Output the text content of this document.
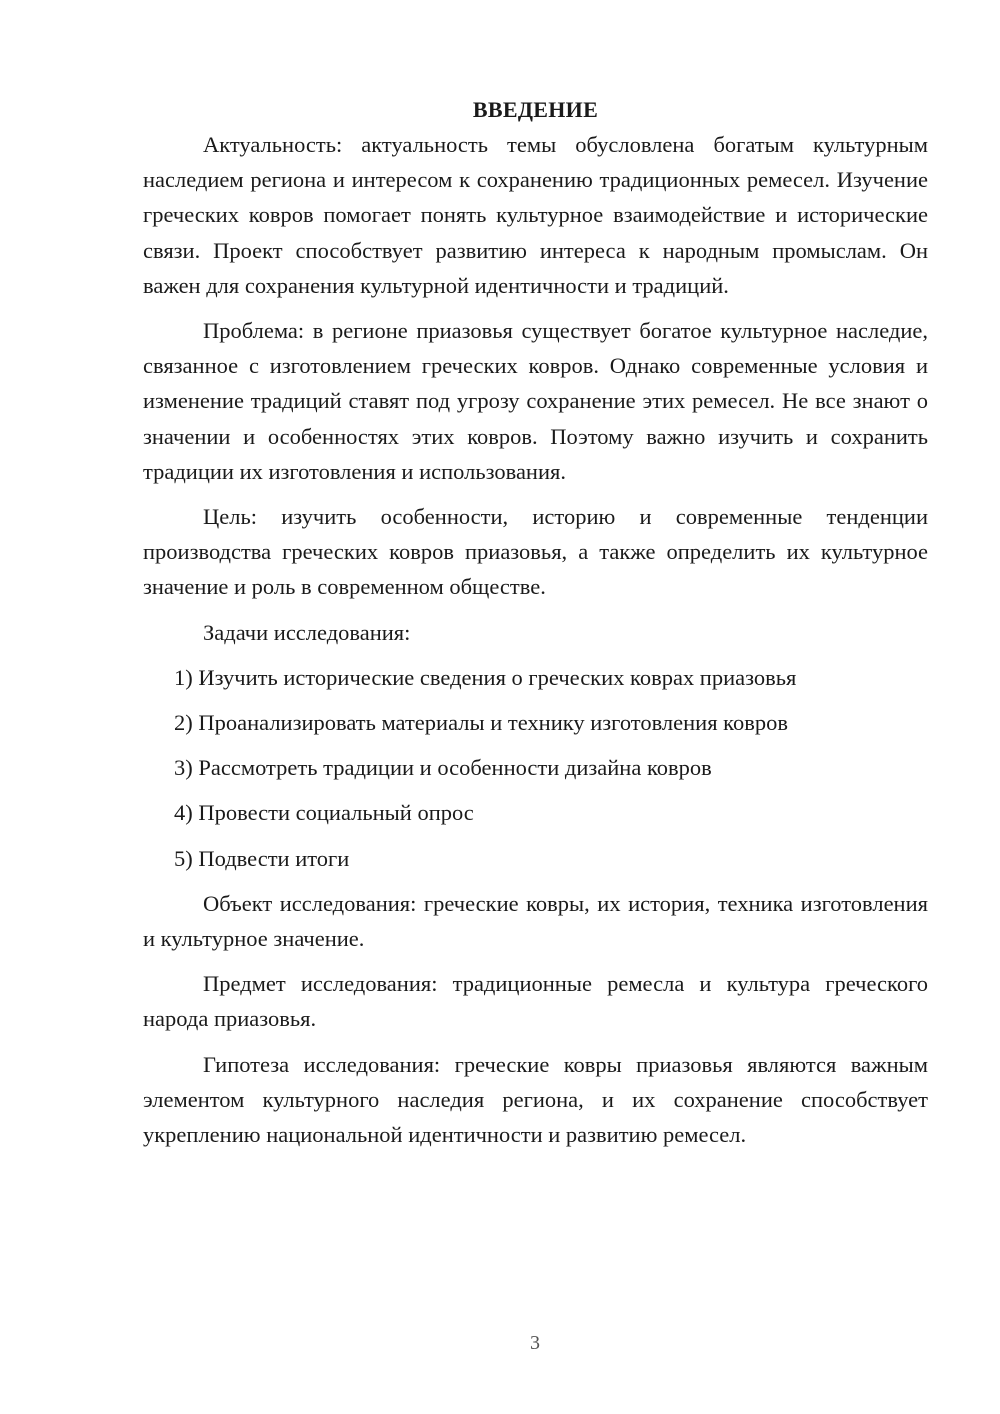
ВВЕДЕНИЕ

Актуальность: актуальность темы обусловлена богатым культурным наследием региона и интересом к сохранению традиционных ремесел. Изучение греческих ковров помогает понять культурное взаимодействие и исторические связи. Проект способствует развитию интереса к народным промыслам. Он важен для сохранения культурной идентичности и традиций.

Проблема: в регионе приазовья существует богатое культурное наследие, связанное с изготовлением греческих ковров. Однако современные условия и изменение традиций ставят под угрозу сохранение этих ремесел. Не все знают о значении и особенностях этих ковров. Поэтому важно изучить и сохранить традиции их изготовления и использования.

Цель: изучить особенности, историю и современные тенденции производства греческих ковров приазовья, а также определить их культурное значение и роль в современном обществе.

Задачи исследования:

1) Изучить исторические сведения о греческих коврах приазовья

2) Проанализировать материалы и технику изготовления ковров

3) Рассмотреть традиции и особенности дизайна ковров

4) Провести социальный опрос

5) Подвести итоги

Объект исследования: греческие ковры, их история, техника изготовления и культурное значение.

Предмет исследования: традиционные ремесла и культура греческого народа приазовья.

Гипотеза исследования: греческие ковры приазовья являются важным элементом культурного наследия региона, и их сохранение способствует укреплению национальной идентичности и развитию ремесел.

3
